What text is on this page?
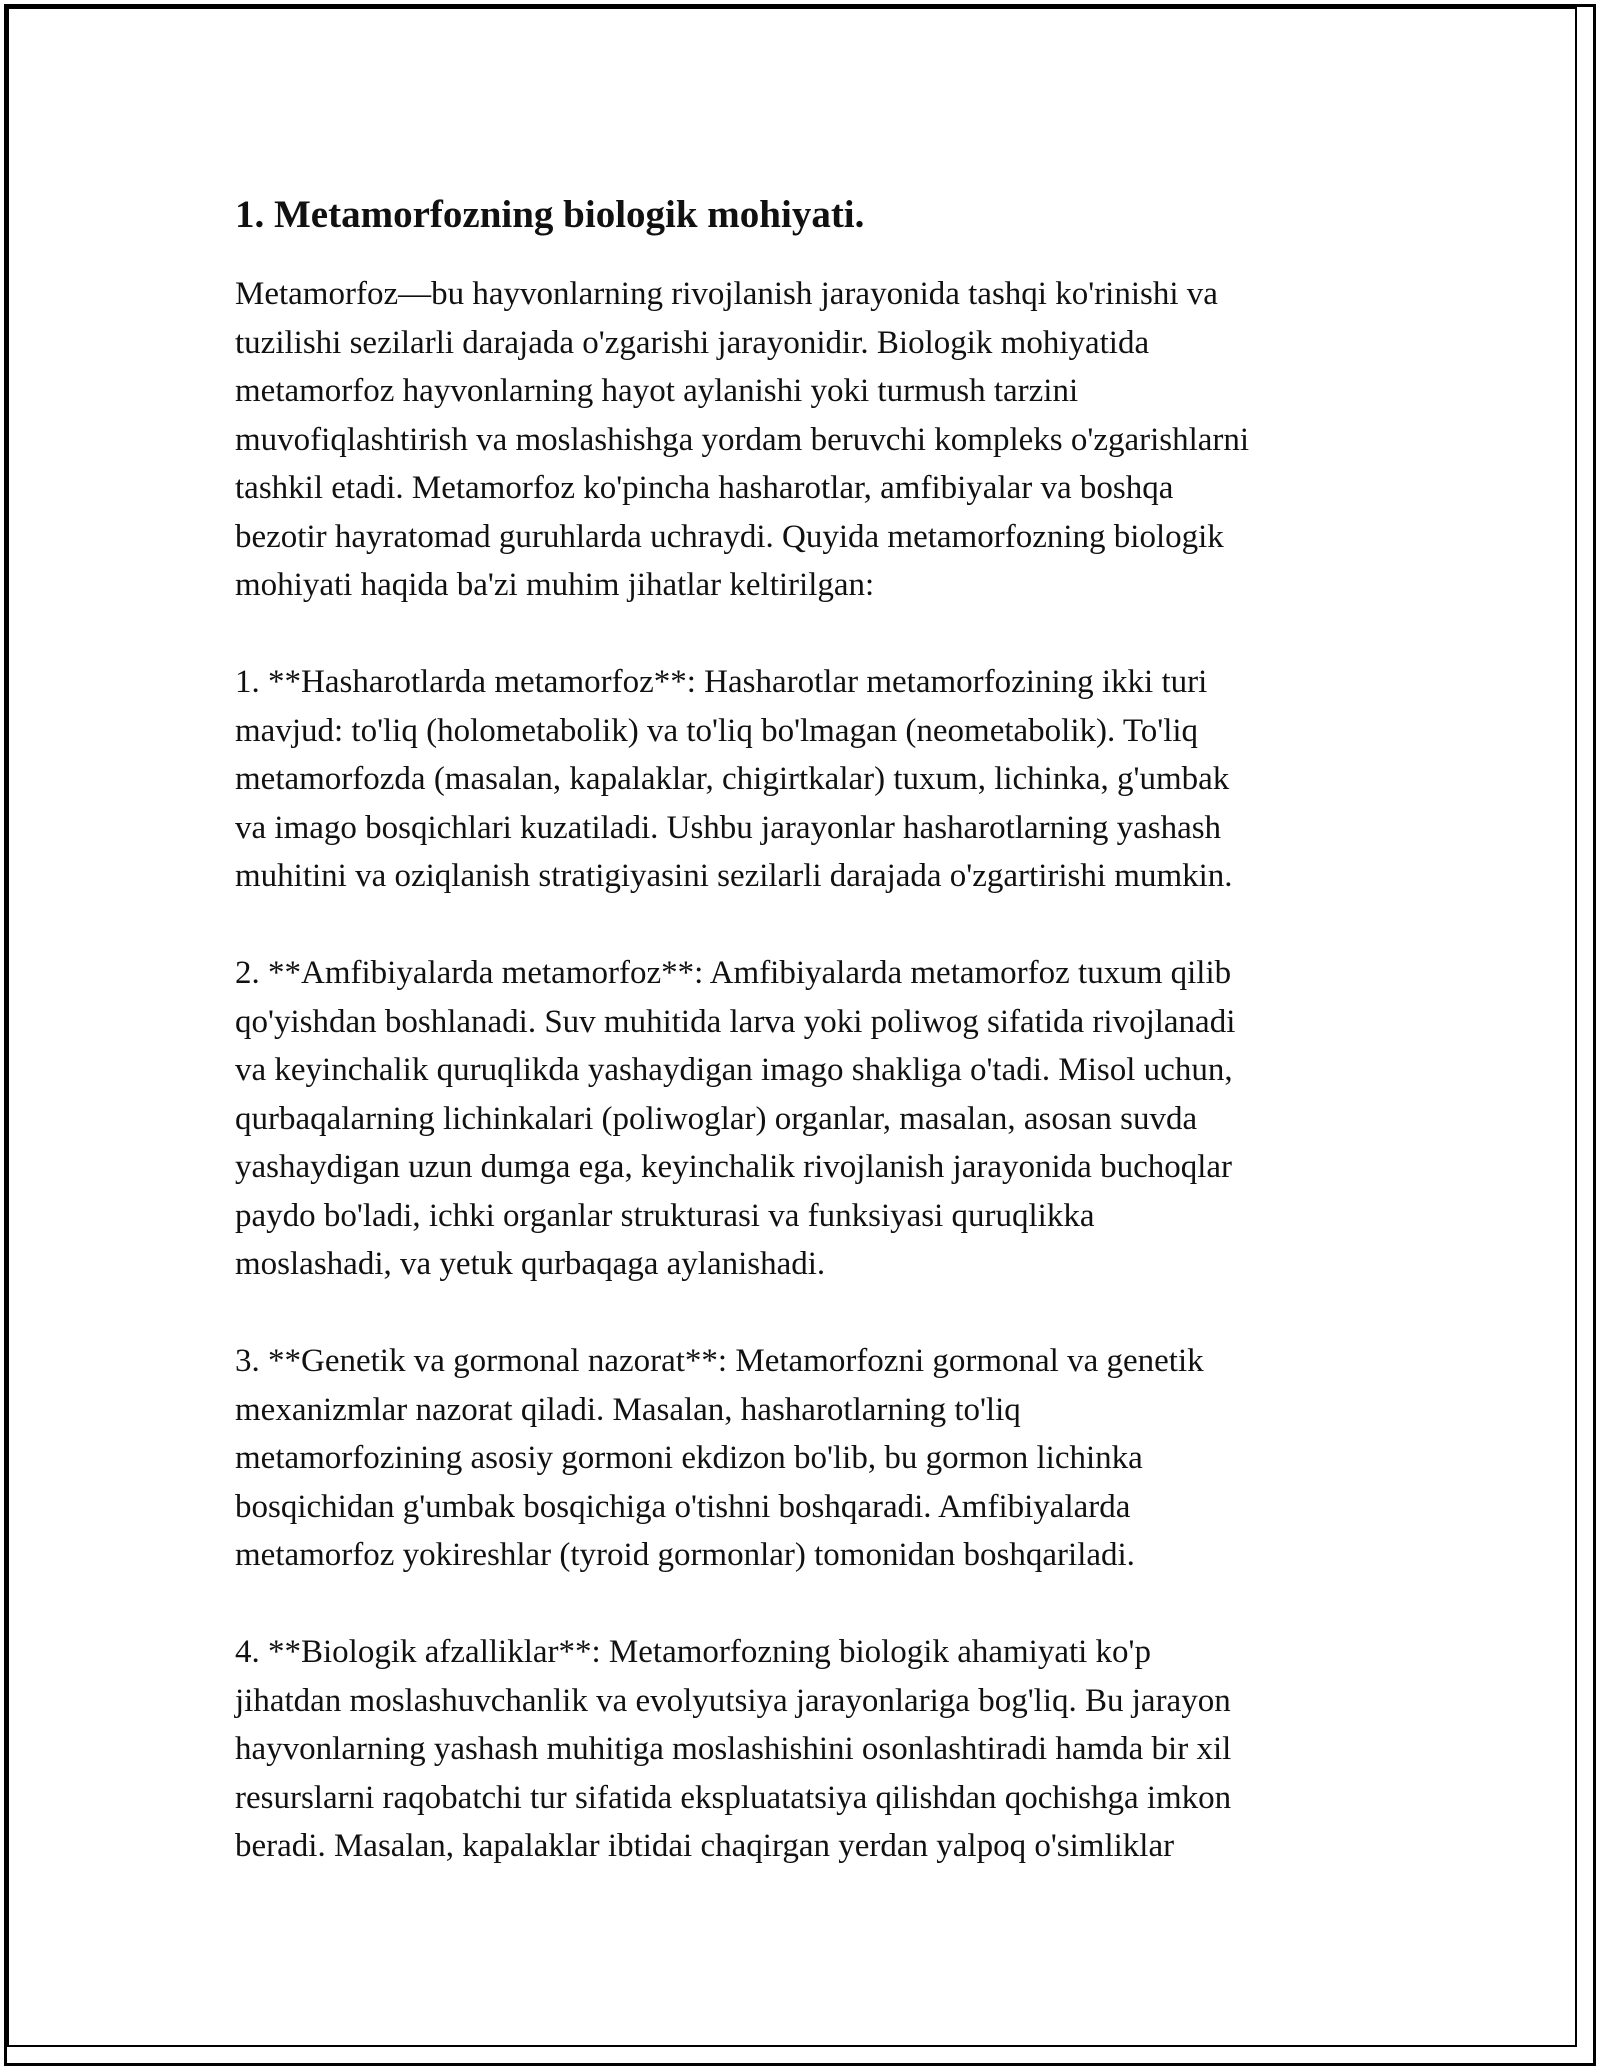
1. Metamorfozning biologik mohiyati.

Metamorfoz—bu hayvonlarning rivojlanish jarayonida tashqi ko'rinishi va
tuzilishi sezilarli darajada o'zgarishi jarayonidir. Biologik mohiyatida
metamorfoz hayvonlarning hayot aylanishi yoki turmush tarzini
muvofiqlashtirish va moslashishga yordam beruvchi kompleks o'zgarishlarni
tashkil etadi. Metamorfoz ko'pincha hasharotlar, amfibiyalar va boshqa
bezotir hayratomad guruhlarda uchraydi. Quyida metamorfozning biologik
mohiyati haqida ba'zi muhim jihatlar keltirilgan:

1. **Hasharotlarda metamorfoz**: Hasharotlar metamorfozining ikki turi
mavjud: to'liq (holometabolik) va to'liq bo'lmagan (neometabolik). To'liq
metamorfozda (masalan, kapalaklar, chigirtkalar) tuxum, lichinka, g'umbak
va imago bosqichlari kuzatiladi. Ushbu jarayonlar hasharotlarning yashash
muhitini va oziqlanish stratigiyasini sezilarli darajada o'zgartirishi mumkin.

2. **Amfibiyalarda metamorfoz**: Amfibiyalarda metamorfoz tuxum qilib
qo'yishdan boshlanadi. Suv muhitida larva yoki poliwog sifatida rivojlanadi
va keyinchalik quruqlikda yashaydigan imago shakliga o'tadi. Misol uchun,
qurbaqalarning lichinkalari (poliwoglar) organlar, masalan, asosan suvda
yashaydigan uzun dumga ega, keyinchalik rivojlanish jarayonida buchoqlar
paydo bo'ladi, ichki organlar strukturasi va funksiyasi quruqlikka
moslashadi, va yetuk qurbaqaga aylanishadi.

3. **Genetik va gormonal nazorat**: Metamorfozni gormonal va genetik
mexanizmlar nazorat qiladi. Masalan, hasharotlarning to'liq
metamorfozining asosiy gormoni ekdizon bo'lib, bu gormon lichinka
bosqichidan g'umbak bosqichiga o'tishni boshqaradi. Amfibiyalarda
metamorfoz yokireshlar (tyroid gormonlar) tomonidan boshqariladi.

4. **Biologik afzalliklar**: Metamorfozning biologik ahamiyati ko'p
jihatdan moslashuvchanlik va evolyutsiya jarayonlariga bog'liq. Bu jarayon
hayvonlarning yashash muhitiga moslashishini osonlashtiradi hamda bir xil
resurslarni raqobatchi tur sifatida ekspluatatsiya qilishdan qochishga imkon
beradi. Masalan, kapalaklar ibtidai chaqirgan yerdan yalpoq o'simliklar
